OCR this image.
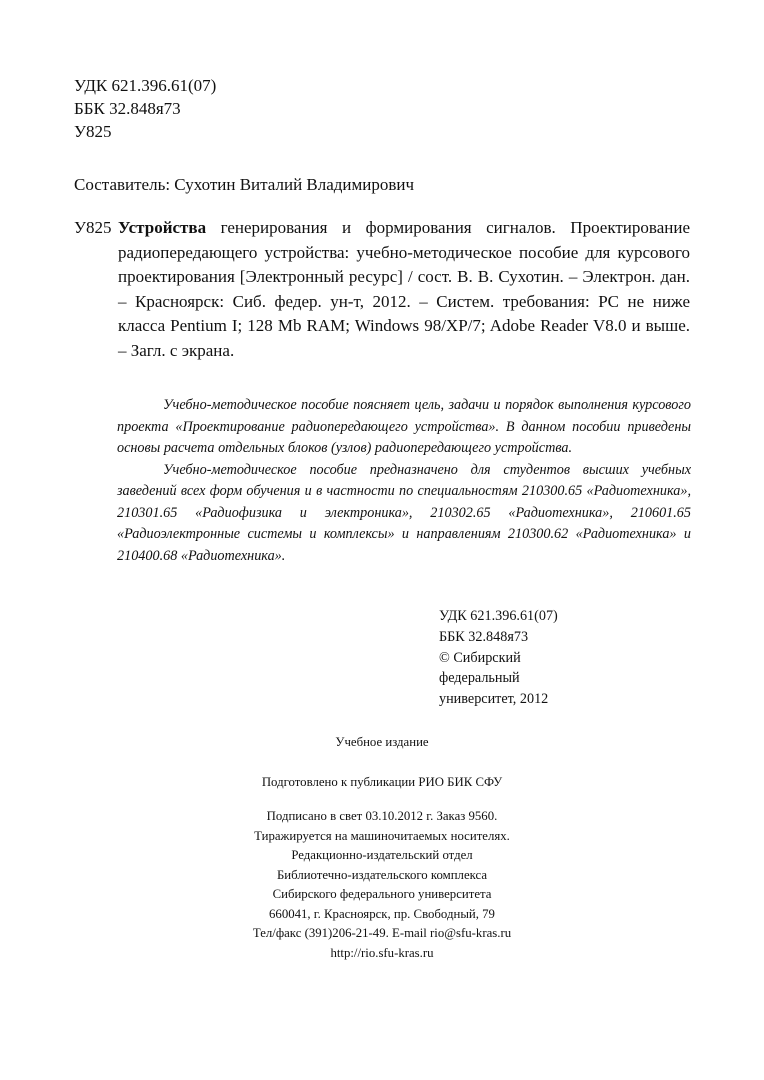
УДК 621.396.61(07)
ББК 32.848я73
У825
Составитель: Сухотин Виталий Владимирович
У825 Устройства генерирования и формирования сигналов. Проектирование радиопередающего устройства: учебно-методическое пособие для курсового проектирования [Электронный ресурс] / сост. В. В. Сухотин. – Электрон. дан. – Красноярск: Сиб. федер. ун-т, 2012. – Систем. требования: PC не ниже класса Pentium I; 128 Mb RAM; Windows 98/XP/7; Adobe Reader V8.0 и выше. – Загл. с экрана.

Учебно-методическое пособие поясняет цель, задачи и порядок выполнения курсового проекта «Проектирование радиопередающего устройства». В данном пособии приведены основы расчета отдельных блоков (узлов) радиопередающего устройства.

Учебно-методическое пособие предназначено для студентов высших учебных заведений всех форм обучения и в частности по специальностям 210300.65 «Радиотехника», 210301.65 «Радиофизика и электроника», 210302.65 «Радиотехника», 210601.65 «Радиоэлектронные системы и комплексы» и направлениям 210300.62 «Радиотехника» и 210400.68 «Радиотехника».

УДК 621.396.61(07)
ББК 32.848я73
© Сибирский
федеральный
университет, 2012
Учебное издание
Подготовлено к публикации РИО БИК СФУ
Подписано в свет 03.10.2012 г. Заказ 9560.
Тиражируется на машиночитаемых носителях.
Редакционно-издательский отдел
Библиотечно-издательского комплекса
Сибирского федерального университета
660041, г. Красноярск, пр. Свободный, 79
Тел/факс (391)206-21-49. E-mail rio@sfu-kras.ru
http://rio.sfu-kras.ru
